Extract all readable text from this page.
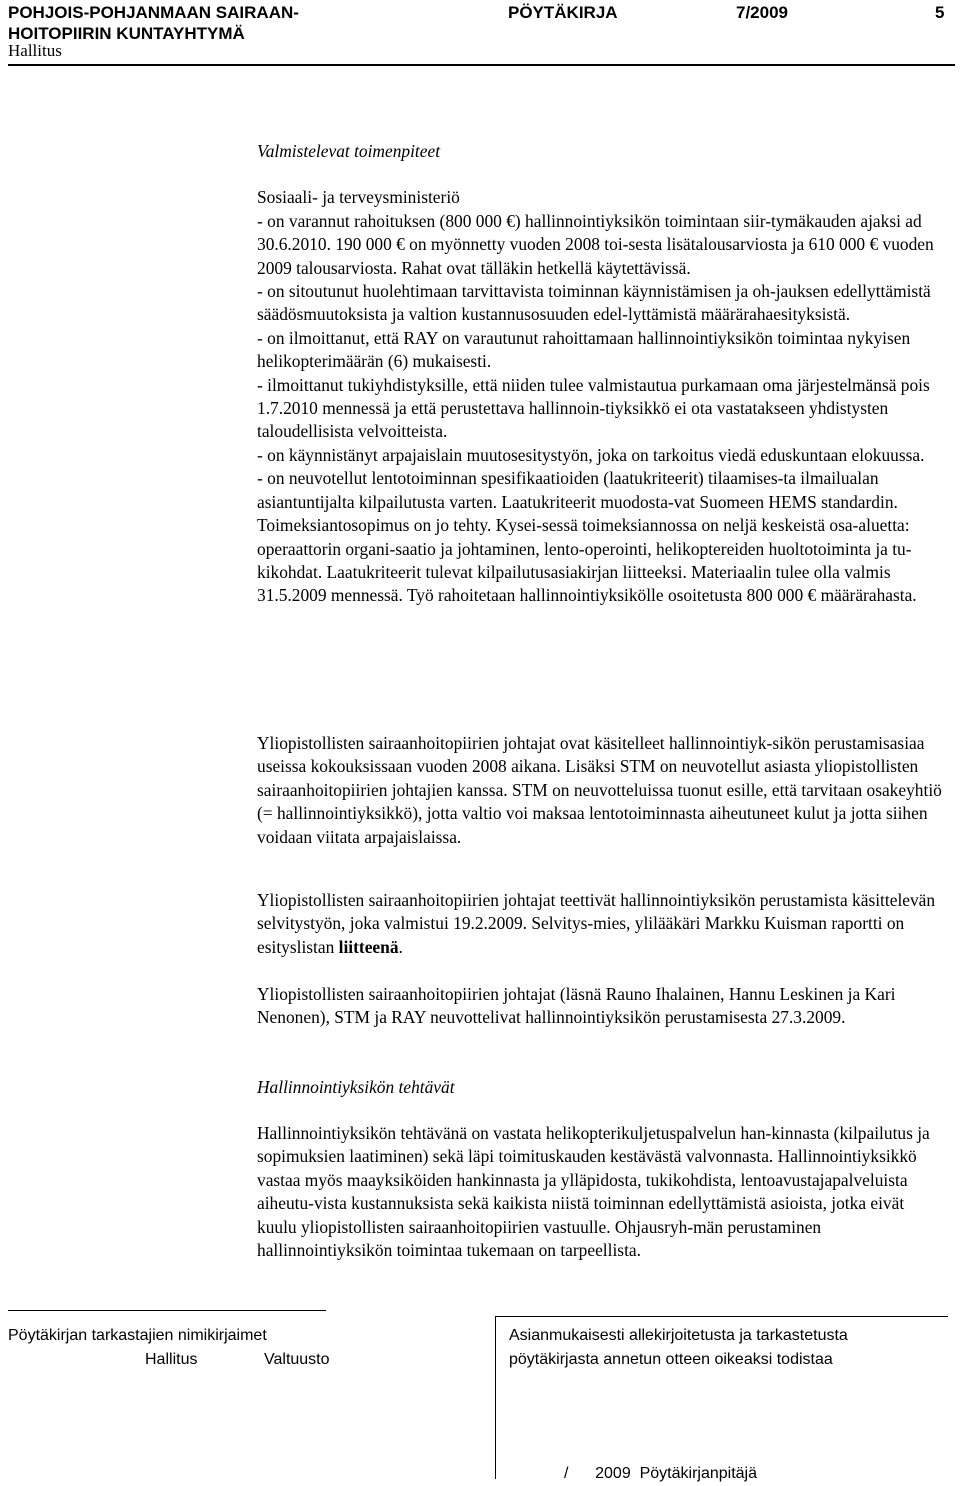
POHJOIS-POHJANMAAN SAIRAAN-
HOITOPIIRIN KUNTAYHTYMÄ
PÖYTÄKIRJA	7/2009	5
Hallitus

Valmistelevat toimenpiteet

Sosiaali- ja terveysministeriö

- on varannut rahoituksen (800 000 €) hallinnointiyksikön toimintaan siir-tymäkauden ajaksi ad 30.6.2010. 190 000 € on myönnetty vuoden 2008 toi-sesta lisätalousarviosta ja 610 000 € vuoden 2009 talousarviosta. Rahat ovat tälläkin hetkellä käytettävissä.

- on sitoutunut huolehtimaan tarvittavista toiminnan käynnistämisen ja oh-jauksen edellyttämistä säädösmuutoksista ja valtion kustannusosuuden edel-lyttämistä määrärahaesityksistä.

- on ilmoittanut, että RAY on varautunut rahoittamaan hallinnointiyksikön toimintaa nykyisen helikopterimäärän (6) mukaisesti.

- ilmoittanut tukiyhdistyksille, että niiden tulee valmistautua purkamaan oma järjestelmänsä pois 1.7.2010 mennessä ja että perustettava hallinnoin-tiyksikkö ei ota vastatakseen yhdistysten taloudellisista velvoitteista.

- on käynnistänyt arpajaislain muutosesitystyön, joka on tarkoitus viedä eduskuntaan elokuussa.

- on neuvotellut lentotoiminnan spesifikaatioiden (laatukriteerit) tilaamises-ta ilmailualan asiantuntijalta kilpailutusta varten. Laatukriteerit muodosta-vat Suomeen HEMS standardin. Toimeksiantosopimus on jo tehty. Kysei-sessä toimeksiannossa on neljä keskeistä osa-aluetta: operaattorin organi-saatio ja johtaminen, lento-operointi, helikoptereiden huoltotoiminta ja tu-kikohdat. Laatukriteerit tulevat kilpailutusasiakirjan liitteeksi. Materiaalin tulee olla valmis 31.5.2009 mennessä. Työ rahoitetaan hallinnointiyksikölle osoitetusta 800 000 € määrärahasta.

Yliopistollisten sairaanhoitopiirien johtajat ovat käsitelleet hallinnointiyk-sikön perustamisasiaa useissa kokouksissaan vuoden 2008 aikana. Lisäksi STM on neuvotellut asiasta yliopistollisten sairaanhoitopiirien johtajien kanssa. STM on neuvotteluissa tuonut esille, että tarvitaan osakeyhtiö (= hallinnointiyksikkö), jotta valtio voi maksaa lentotoiminnasta aiheutuneet kulut ja jotta siihen voidaan viitata arpajaislaissa.

Yliopistollisten sairaanhoitopiirien johtajat teettivät hallinnointiyksikön perustamista käsittelevän selvitystyön, joka valmistui 19.2.2009. Selvitys-mies, ylilääkäri Markku Kuisman raportti on esityslistan liitteenä.

Yliopistollisten sairaanhoitopiirien johtajat (läsnä Rauno Ihalainen, Hannu Leskinen ja Kari Nenonen), STM ja RAY neuvottelivat hallinnointiyksikön perustamisesta 27.3.2009.

Hallinnointiyksikön tehtävät

Hallinnointiyksikön tehtävänä on vastata helikopterikuljetuspalvelun han-kinnasta (kilpailutus ja sopimuksien laatiminen) sekä läpi toimituskauden kestävästä valvonnasta. Hallinnointiyksikkö vastaa myös maayksiköiden hankinnasta ja ylläpidosta, tukikohdista, lentoavustajapalveluista aiheutu-vista kustannuksista sekä kaikista niistä toiminnan edellyttämistä asioista, jotka eivät kuulu yliopistollisten sairaanhoitopiirien vastuulle. Ohjausryh-män perustaminen hallinnointiyksikön toimintaa tukemaan on tarpeellista.

Pöytäkirjan tarkastajien nimikirjaimet
Hallitus	Valtuusto
Asianmukaisesti allekirjoitetusta ja tarkastetusta
pöytäkirjasta annetun otteen oikeaksi todistaa
/      2009  Pöytäkirjanpitäjä
